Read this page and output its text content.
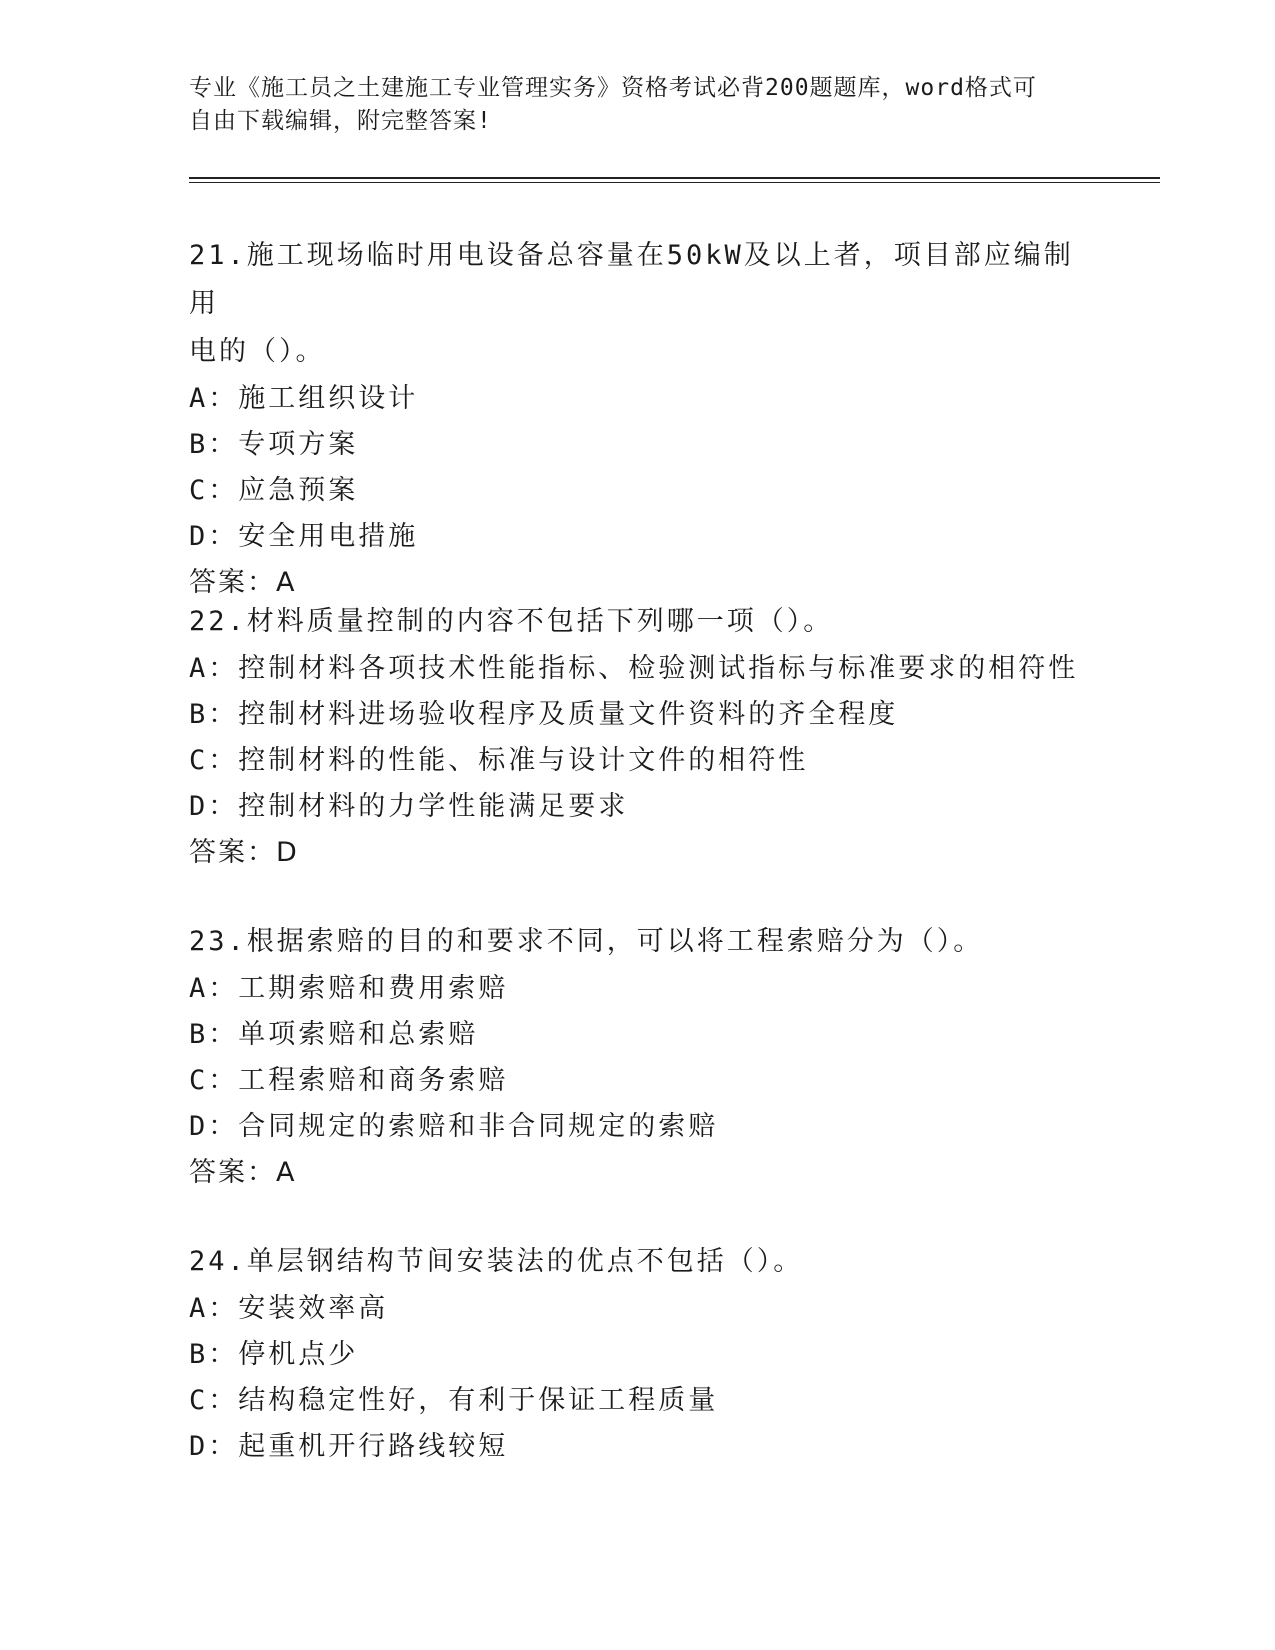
专业《施工员之土建施工专业管理实务》资格考试必背200题题库，word格式可
自由下载编辑，附完整答案!
21.施工现场临时用电设备总容量在50kW及以上者，项目部应编制用
电的（）。
A：施工组织设计
B：专项方案
C：应急预案
D：安全用电措施
答案：A
22.材料质量控制的内容不包括下列哪一项（）。
A：控制材料各项技术性能指标、检验测试指标与标准要求的相符性
B：控制材料进场验收程序及质量文件资料的齐全程度
C：控制材料的性能、标准与设计文件的相符性
D：控制材料的力学性能满足要求
答案：D
23.根据索赔的目的和要求不同，可以将工程索赔分为（）。
A：工期索赔和费用索赔
B：单项索赔和总索赔
C：工程索赔和商务索赔
D：合同规定的索赔和非合同规定的索赔
答案：A
24.单层钢结构节间安装法的优点不包括（）。
A：安装效率高
B：停机点少
C：结构稳定性好，有利于保证工程质量
D：起重机开行路线较短
